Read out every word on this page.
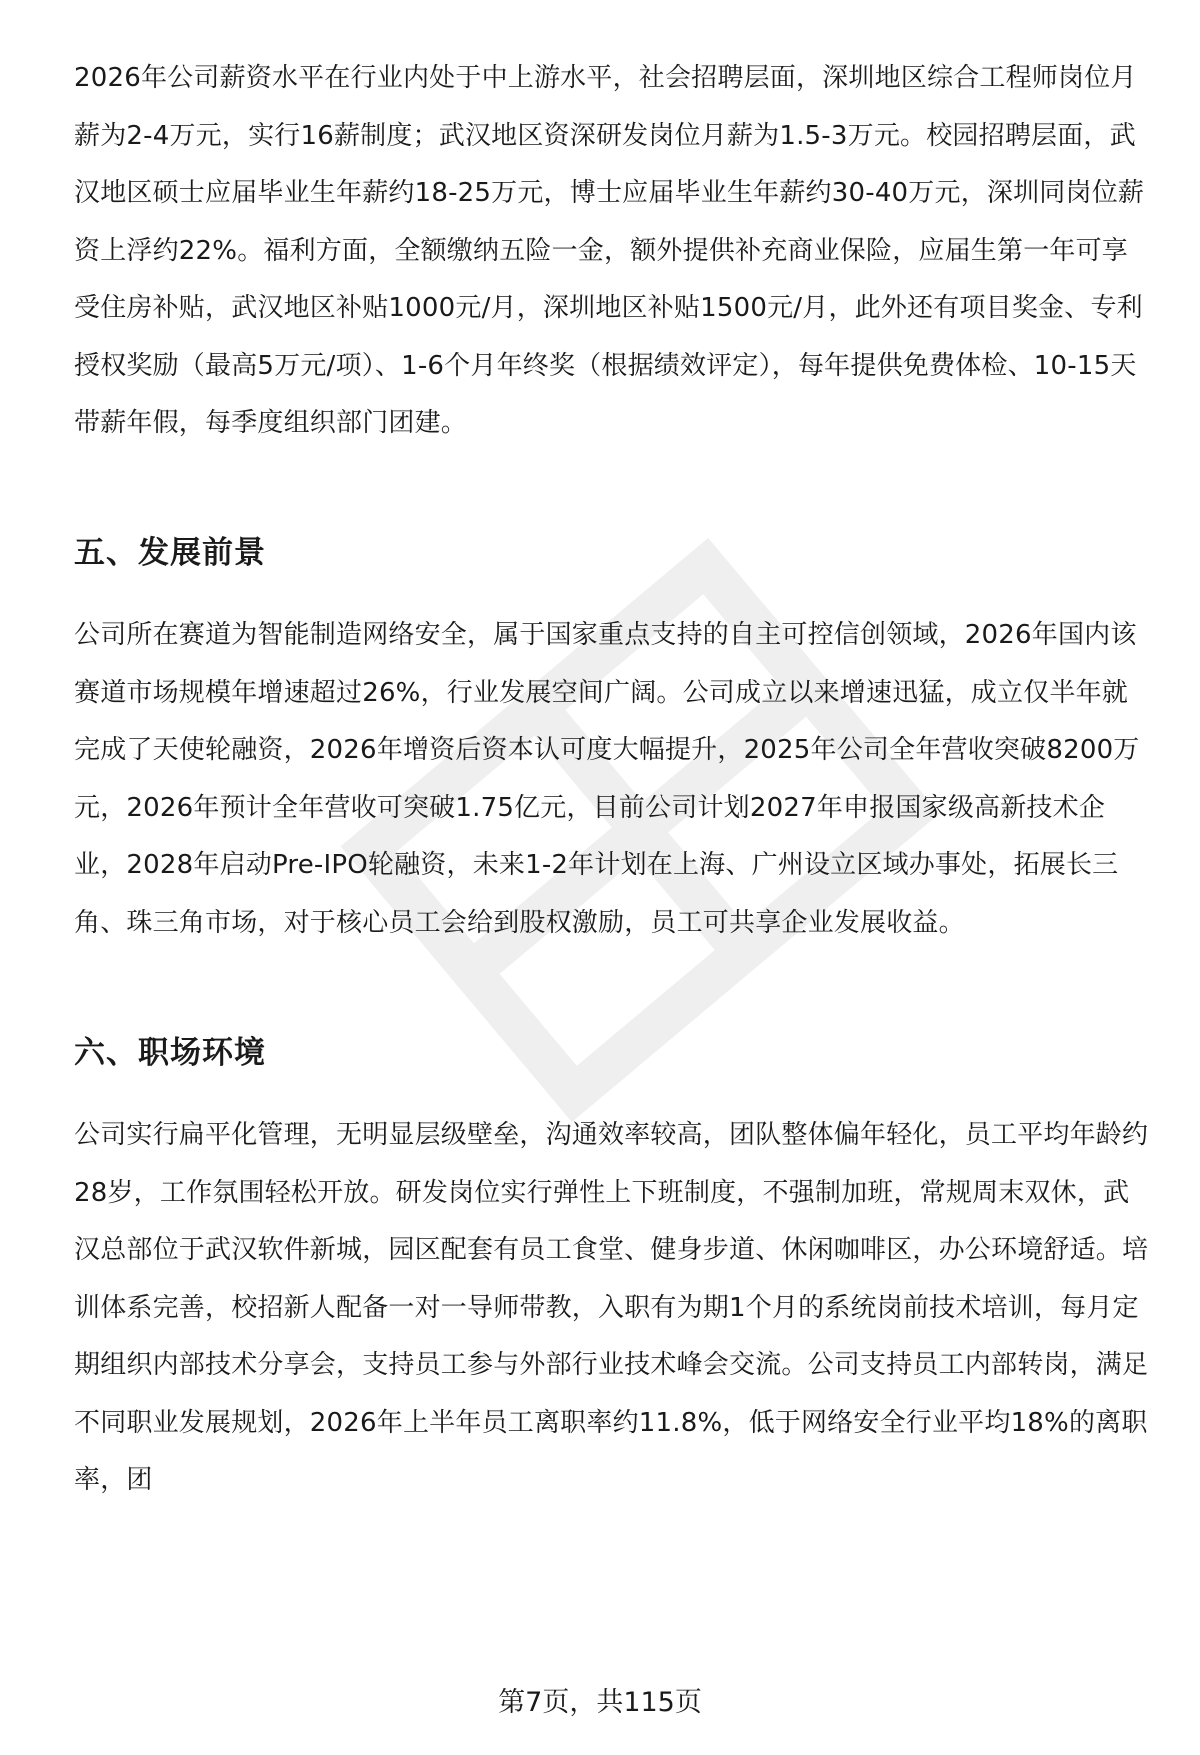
2026年公司薪资水平在行业内处于中上游水平，社会招聘层面，深圳地区综合工程师岗位月薪为2-4万元，实行16薪制度；武汉地区资深研发岗位月薪为1.5-3万元。校园招聘层面，武汉地区硕士应届毕业生年薪约18-25万元，博士应届毕业生年薪约30-40万元，深圳同岗位薪资上浮约22%。福利方面，全额缴纳五险一金，额外提供补充商业保险，应届生第一年可享受住房补贴，武汉地区补贴1000元/月，深圳地区补贴1500元/月，此外还有项目奖金、专利授权奖励（最高5万元/项）、1-6个月年终奖（根据绩效评定），每年提供免费体检、10-15天带薪年假，每季度组织部门团建。

五、发展前景

公司所在赛道为智能制造网络安全，属于国家重点支持的自主可控信创领域，2026年国内该赛道市场规模年增速超过26%，行业发展空间广阔。公司成立以来增速迅猛，成立仅半年就完成了天使轮融资，2026年增资后资本认可度大幅提升，2025年公司全年营收突破8200万元，2026年预计全年营收可突破1.75亿元，目前公司计划2027年申报国家级高新技术企业，2028年启动Pre-IPO轮融资，未来1-2年计划在上海、广州设立区域办事处，拓展长三角、珠三角市场，对于核心员工会给到股权激励，员工可共享企业发展收益。

六、职场环境

公司实行扁平化管理，无明显层级壁垒，沟通效率较高，团队整体偏年轻化，员工平均年龄约28岁，工作氛围轻松开放。研发岗位实行弹性上下班制度，不强制加班，常规周末双休，武汉总部位于武汉软件新城，园区配套有员工食堂、健身步道、休闲咖啡区，办公环境舒适。培训体系完善，校招新人配备一对一导师带教，入职有为期1个月的系统岗前技术培训，每月定期组织内部技术分享会，支持员工参与外部行业技术峰会交流。公司支持员工内部转岗，满足不同职业发展规划，2026年上半年员工离职率约11.8%，低于网络安全行业平均18%的离职率，团

第7页，共115页
